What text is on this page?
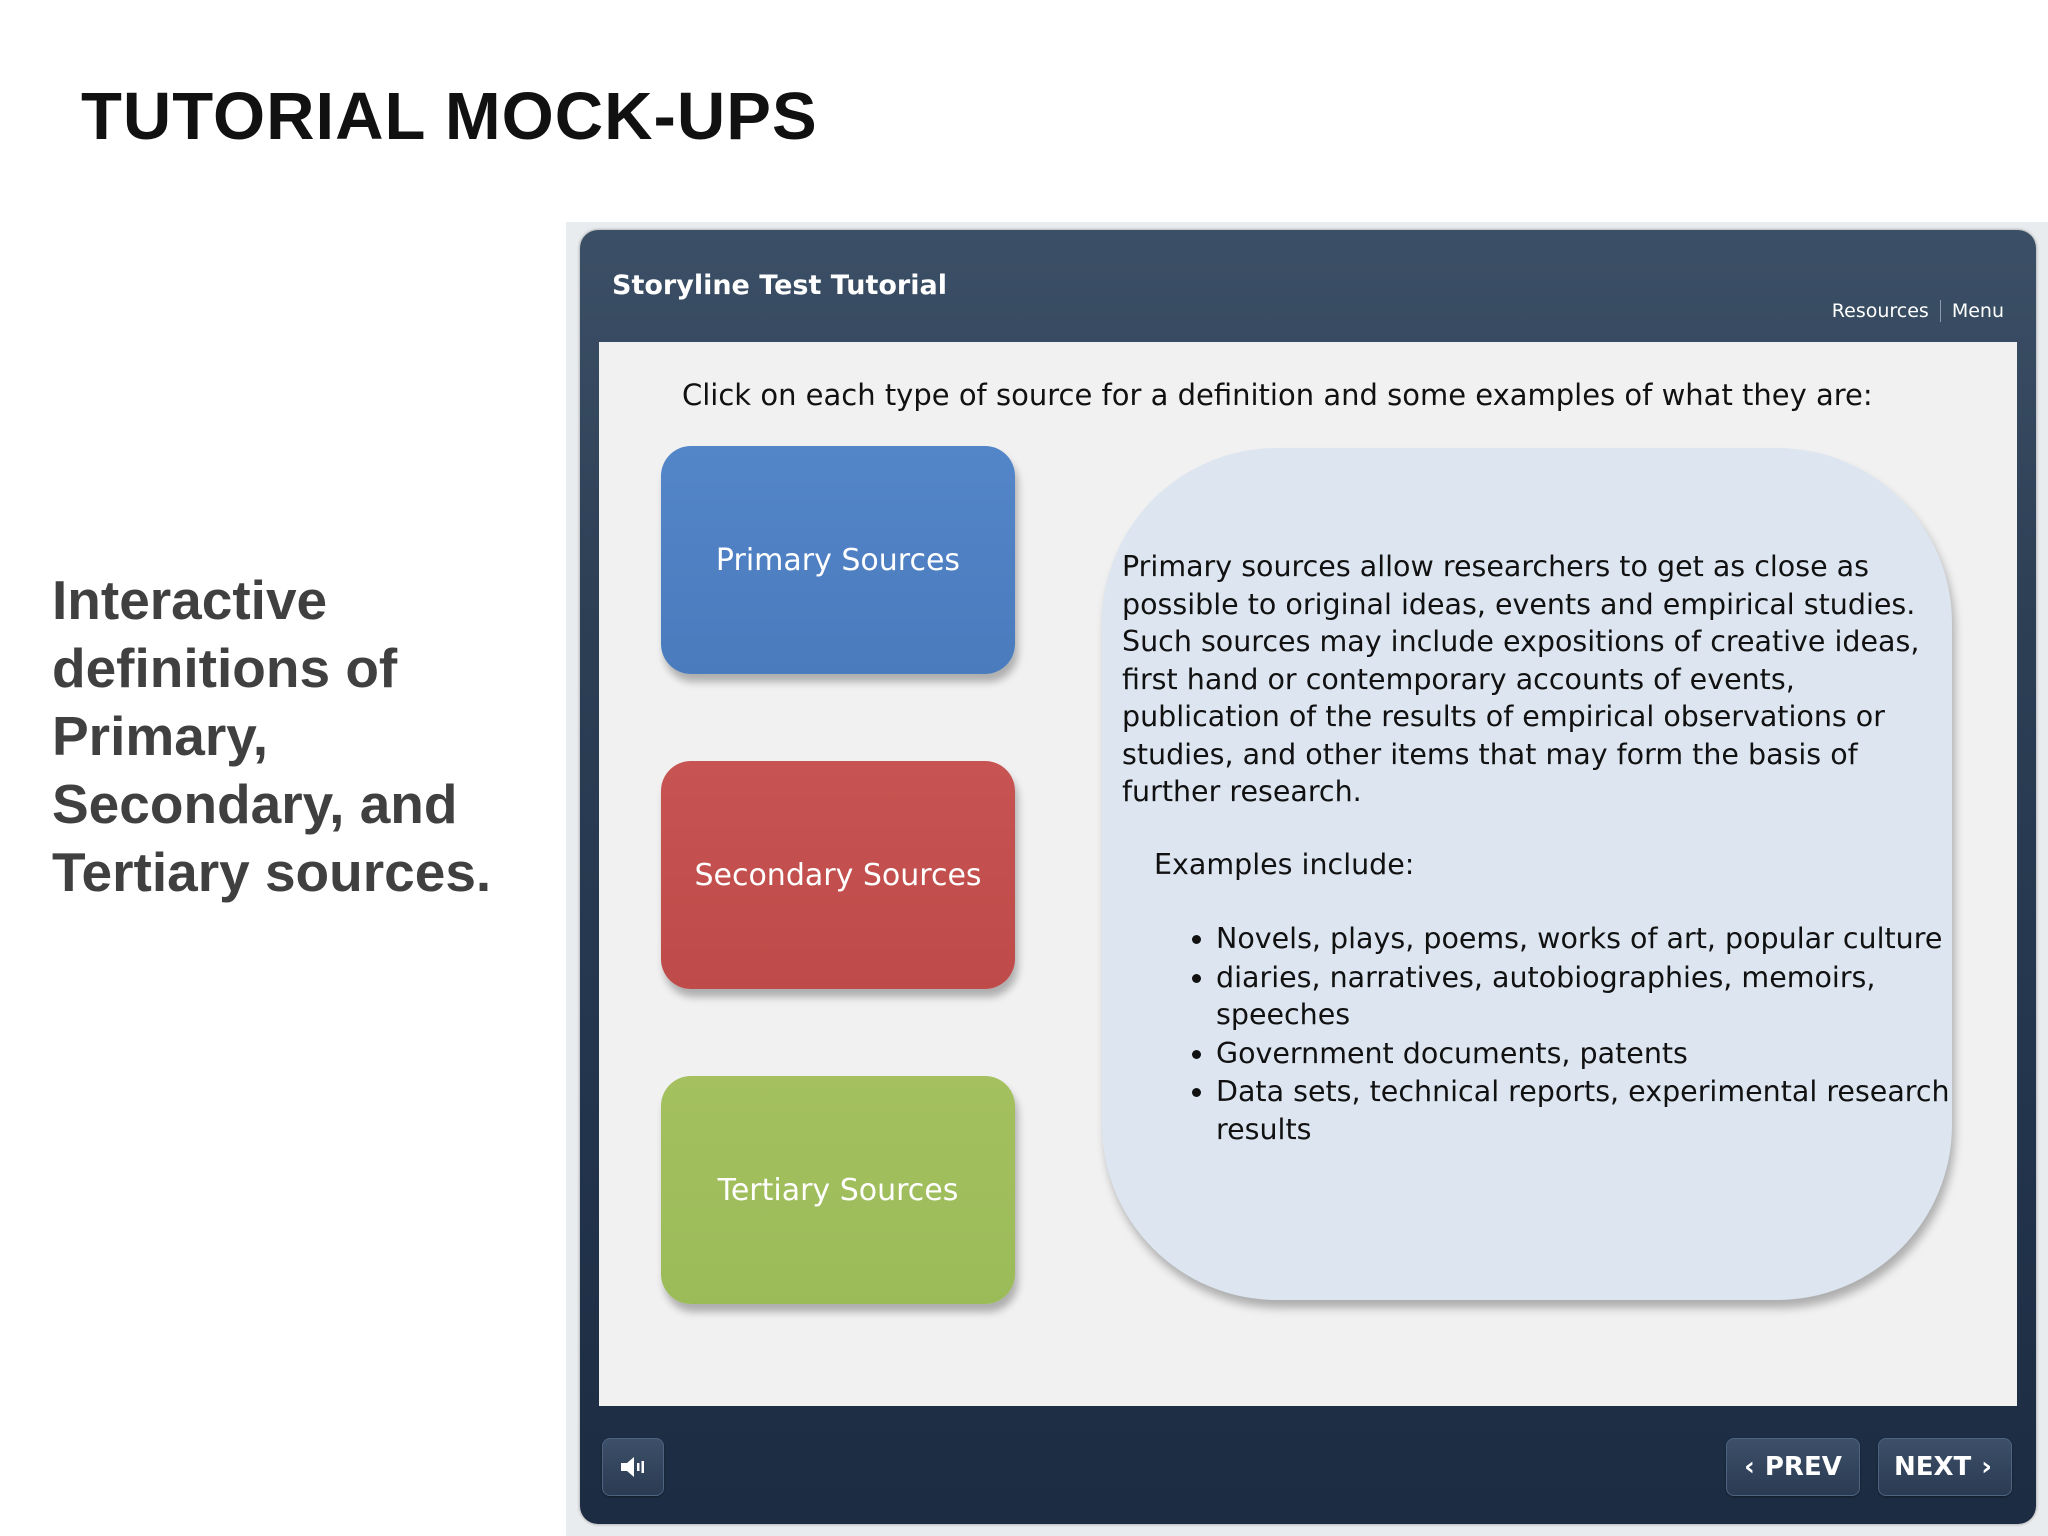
TUTORIAL MOCK-UPS

Interactive definitions of Primary, Secondary, and Tertiary sources.

Storyline Test Tutorial
Resources Menu
Click on each type of source for a definition and some examples of what they are:
Primary Sources
Secondary Sources
Tertiary Sources

Primary sources allow researchers to get as close as possible to original ideas, events and empirical studies. Such sources may include expositions of creative ideas, first hand or contemporary accounts of events, publication of the results of empirical observations or studies, and other items that may form the basis of further research.

Examples include:
• Novels, plays, poems, works of art, popular culture
• diaries, narratives, autobiographies, memoirs, speeches
• Government documents, patents
• Data sets, technical reports, experimental research results
‹ PREV NEXT ›
